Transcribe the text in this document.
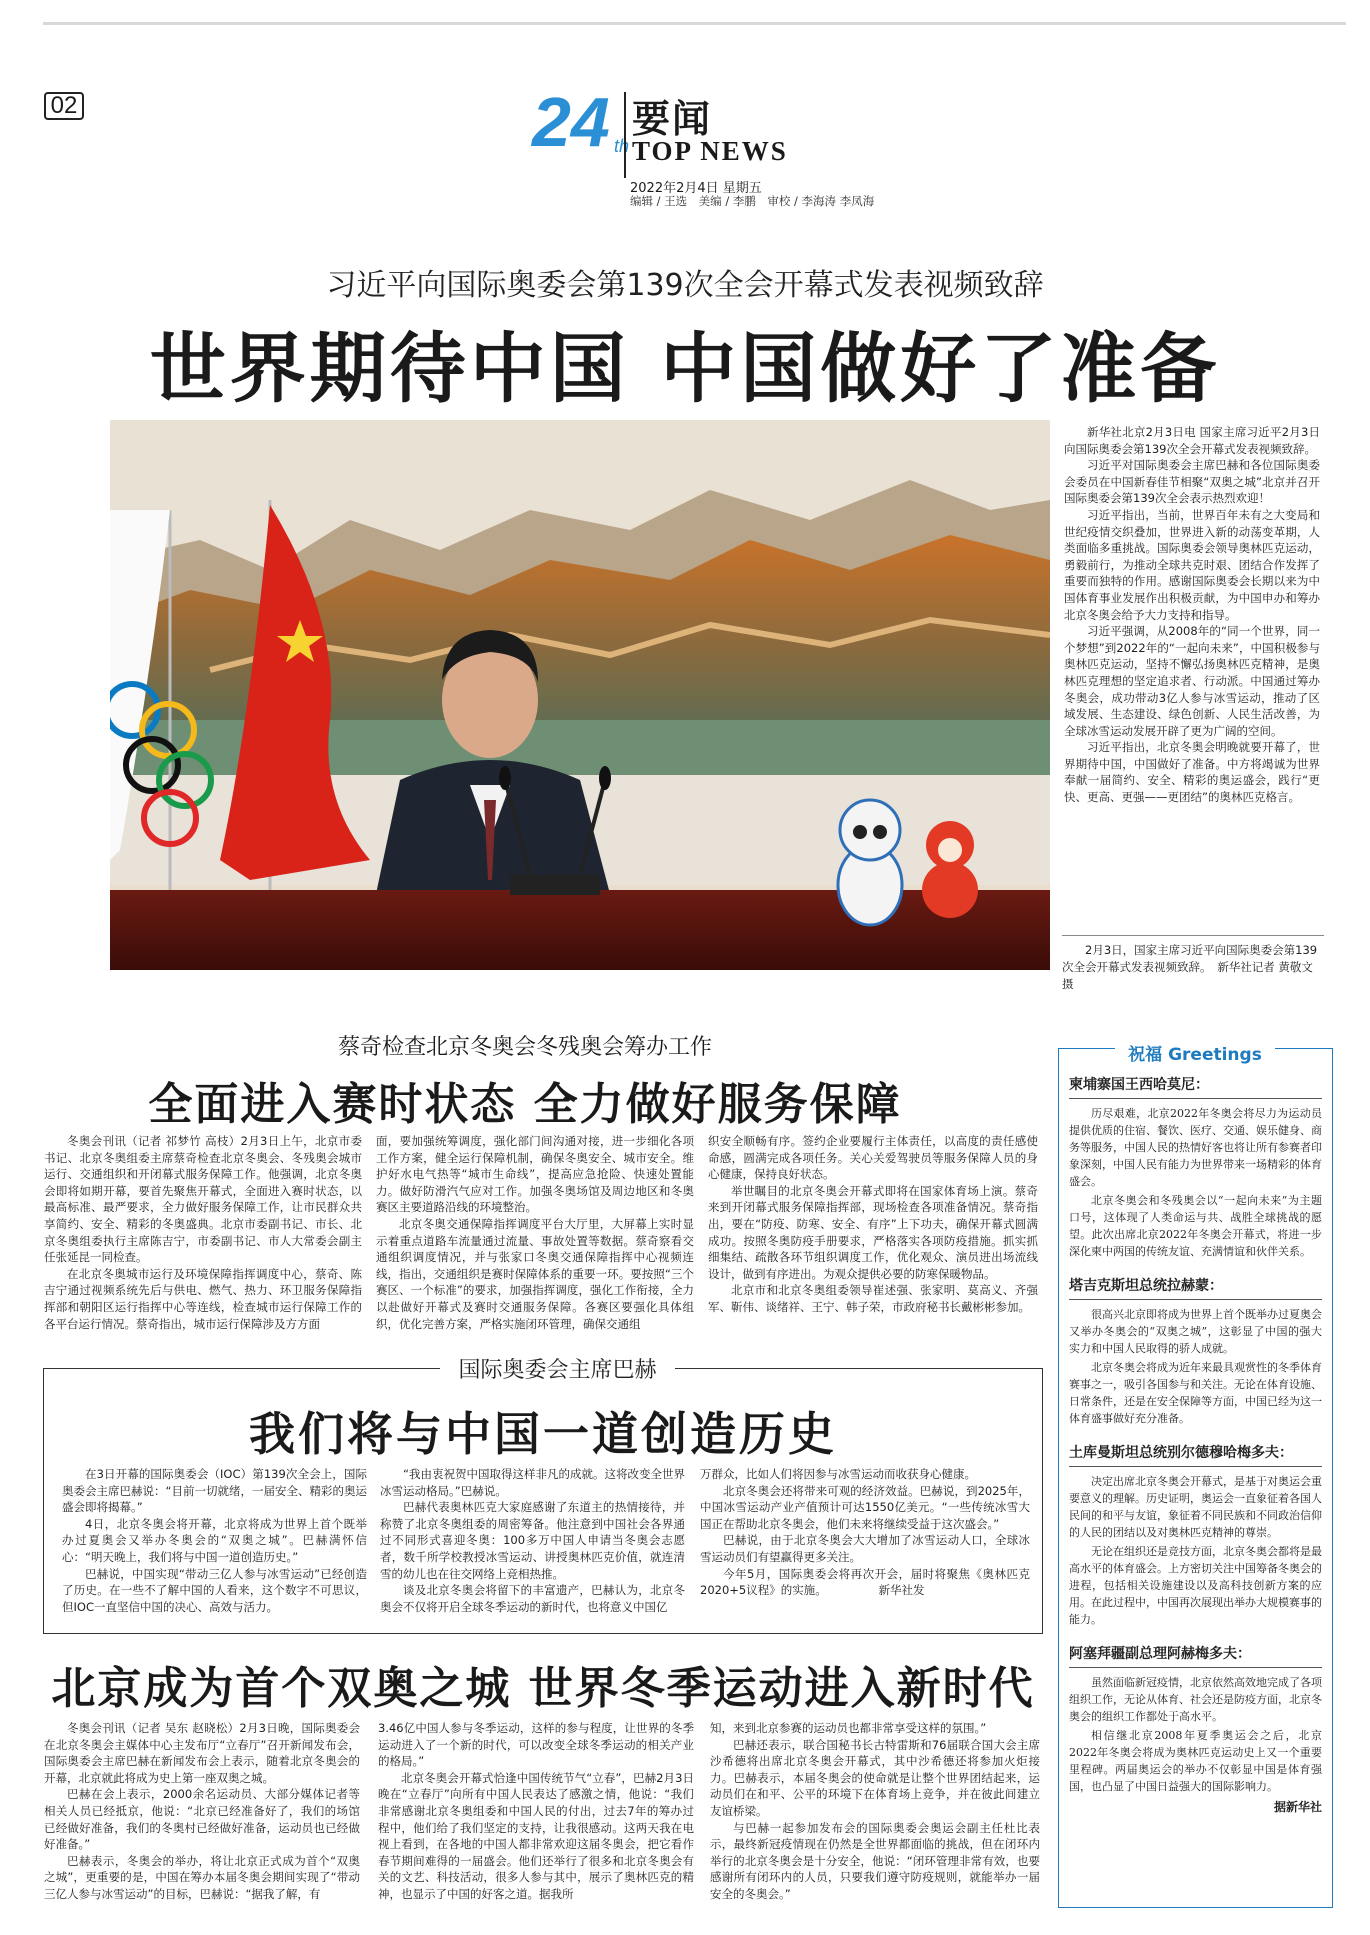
02	24 th
要闻
TOP NEWS
2022年2月4日 星期五
编辑 / 王选　美编 / 李鹏　审校 / 李海涛 李凤海
习近平向国际奥委会第139次全会开幕式发表视频致辞
世界期待中国 中国做好了准备

新华社北京2月3日电 国家主席习近平2月3日向国际奥委会第139次全会开幕式发表视频致辞。

习近平对国际奥委会主席巴赫和各位国际奥委会委员在中国新春佳节相聚“双奥之城”北京并召开国际奥委会第139次全会表示热烈欢迎！

习近平指出，当前，世界百年未有之大变局和世纪疫情交织叠加，世界进入新的动荡变革期，人类面临多重挑战。国际奥委会领导奥林匹克运动，勇毅前行，为推动全球共克时艰、团结合作发挥了重要而独特的作用。感谢国际奥委会长期以来为中国体育事业发展作出积极贡献，为中国申办和筹办北京冬奥会给予大力支持和指导。

习近平强调，从2008年的“同一个世界，同一个梦想”到2022年的“一起向未来”，中国积极参与奥林匹克运动，坚持不懈弘扬奥林匹克精神，是奥林匹克理想的坚定追求者、行动派。中国通过筹办冬奥会，成功带动3亿人参与冰雪运动，推动了区域发展、生态建设、绿色创新、人民生活改善，为全球冰雪运动发展开辟了更为广阔的空间。

习近平指出，北京冬奥会明晚就要开幕了，世界期待中国，中国做好了准备。中方将竭诚为世界奉献一届简约、安全、精彩的奥运盛会，践行“更快、更高、更强——更团结”的奥林匹克格言。

2月3日，国家主席习近平向国际奥委会第139次全会开幕式发表视频致辞。　新华社记者 黄敬文 摄
蔡奇检查北京冬奥会冬残奥会筹办工作
全面进入赛时状态 全力做好服务保障

冬奥会刊讯（记者 祁梦竹 高枝）2月3日上午，北京市委书记、北京冬奥组委主席蔡奇检查北京冬奥会、冬残奥会城市运行、交通组织和开闭幕式服务保障工作。他强调，北京冬奥会即将如期开幕，要首先聚焦开幕式，全面进入赛时状态，以最高标准、最严要求，全力做好服务保障工作，让市民群众共享简约、安全、精彩的冬奥盛典。北京市委副书记、市长、北京冬奥组委执行主席陈吉宁，市委副书记、市人大常委会副主任张延昆一同检查。

在北京冬奥城市运行及环境保障指挥调度中心，蔡奇、陈吉宁通过视频系统先后与供电、燃气、热力、环卫服务保障指挥部和朝阳区运行指挥中心等连线，检查城市运行保障工作的各平台运行情况。蔡奇指出，城市运行保障涉及方方面

面，要加强统筹调度，强化部门间沟通对接，进一步细化各项工作方案，健全运行保障机制，确保冬奥安全、城市安全。维护好水电气热等“城市生命线”，提高应急抢险、快速处置能力。做好防滑汽气应对工作。加强冬奥场馆及周边地区和冬奥赛区主要道路沿线的环境整治。

北京冬奥交通保障指挥调度平台大厅里，大屏幕上实时显示着重点道路车流量通过流量、事故处置等数据。蔡奇察看交通组织调度情况，并与张家口冬奥交通保障指挥中心视频连线，指出，交通组织是赛时保障体系的重要一环。要按照“三个赛区、一个标准”的要求，加强指挥调度，强化工作衔接，全力以赴做好开幕式及赛时交通服务保障。各赛区要强化具体组织，优化完善方案，严格实施闭环管理，确保交通组

织安全顺畅有序。签约企业要履行主体责任，以高度的责任感使命感，圆满完成各项任务。关心关爱驾驶员等服务保障人员的身心健康，保持良好状态。

举世瞩目的北京冬奥会开幕式即将在国家体育场上演。蔡奇来到开闭幕式服务保障指挥部，现场检查各项准备情况。蔡奇指出，要在“防疫、防寒、安全、有序”上下功夫，确保开幕式圆满成功。按照冬奥防疫手册要求，严格落实各项防疫措施。抓实抓细集结、疏散各环节组织调度工作，优化观众、演员进出场流线设计，做到有序进出。为观众提供必要的防寒保暖物品。

北京市和北京冬奥组委领导崔述强、张家明、莫高义、齐强军、靳伟、谈绪祥、王宁、韩子荣，市政府秘书长戴彬彬参加。

国际奥委会主席巴赫
我们将与中国一道创造历史

在3日开幕的国际奥委会（IOC）第139次全会上，国际奥委会主席巴赫说：“目前一切就绪，一届安全、精彩的奥运盛会即将揭幕。”

4日，北京冬奥会将开幕，北京将成为世界上首个既举办过夏奥会又举办冬奥会的“双奥之城”。巴赫满怀信心：“明天晚上，我们将与中国一道创造历史。”

巴赫说，中国实现“带动三亿人参与冰雪运动”已经创造了历史。在一些不了解中国的人看来，这个数字不可思议，但IOC一直坚信中国的决心、高效与活力。

“我由衷祝贺中国取得这样非凡的成就。这将改变全世界冰雪运动格局。”巴赫说。

巴赫代表奥林匹克大家庭感谢了东道主的热情接待，并称赞了北京冬奥组委的周密筹备。他注意到中国社会各界通过不同形式喜迎冬奥：100多万中国人申请当冬奥会志愿者，数千所学校教授冰雪运动、讲授奥林匹克价值，就连清雪的幼儿也在往交网络上竞相热推。

谈及北京冬奥会将留下的丰富遗产，巴赫认为，北京冬奥会不仅将开启全球冬季运动的新时代，也将意义中国亿

万群众，比如人们将因参与冰雪运动而收获身心健康。

北京冬奥会还将带来可观的经济效益。巴赫说，到2025年，中国冰雪运动产业产值预计可达1550亿美元。“一些传统冰雪大国正在帮助北京冬奥会，他们未来将继续受益于这次盛会。”

巴赫说，由于北京冬奥会大大增加了冰雪运动人口，全球冰雪运动员们有望赢得更多关注。

今年5月，国际奥委会将再次开会，届时将聚焦《奥林匹克2020+5议程》的实施。　　　　　新华社发

北京成为首个双奥之城 世界冬季运动进入新时代

冬奥会刊讯（记者 吴东 赵晓松）2月3日晚，国际奥委会在北京冬奥会主媒体中心主发布厅“立春厅”召开新闻发布会，国际奥委会主席巴赫在新闻发布会上表示，随着北京冬奥会的开幕，北京就此将成为史上第一座双奥之城。

巴赫在会上表示，2000余名运动员、大部分媒体记者等相关人员已经抵京，他说：“北京已经准备好了，我们的场馆已经做好准备，我们的冬奥村已经做好准备，运动员也已经做好准备。”

巴赫表示，冬奥会的举办，将让北京正式成为首个“双奥之城”，更重要的是，中国在筹办本届冬奥会期间实现了“带动三亿人参与冰雪运动”的目标，巴赫说：“据我了解，有

3.46亿中国人参与冬季运动，这样的参与程度，让世界的冬季运动进入了一个新的时代，可以改变全球冬季运动的相关产业的格局。”

北京冬奥会开幕式恰逢中国传统节气“立春”，巴赫2月3日晚在“立春厅”向所有中国人民表达了感激之情，他说：“我们非常感谢北京冬奥组委和中国人民的付出，过去7年的筹办过程中，他们给了我们坚定的支持，让我很感动。这两天我在电视上看到，在各地的中国人都非常欢迎这届冬奥会，把它看作春节期间难得的一届盛会。他们还举行了很多和北京冬奥会有关的文艺、科技活动，很多人参与其中，展示了奥林匹克的精神，也显示了中国的好客之道。据我所

知，来到北京参赛的运动员也都非常享受这样的氛围。”

巴赫还表示，联合国秘书长古特雷斯和76届联合国大会主席沙希德将出席北京冬奥会开幕式，其中沙希德还将参加火炬接力。巴赫表示，本届冬奥会的使命就是让整个世界团结起来，运动员们在和平、公平的环境下在体育场上竞争，并在彼此间建立友谊桥梁。

与巴赫一起参加发布会的国际奥委会奥运会副主任杜比表示，最终新冠疫情现在仍然是全世界都面临的挑战，但在闭环内举行的北京冬奥会是十分安全，他说：“闭环管理非常有效，也要感谢所有闭环内的人员，只要我们遵守防疫规则，就能举办一届安全的冬奥会。”

柬埔寨国王西哈莫尼：

历尽艰难，北京2022年冬奥会将尽力为运动员提供优质的住宿、餐饮、医疗、交通、娱乐健身、商务等服务，中国人民的热情好客也将让所有参赛者印象深刻，中国人民有能力为世界带来一场精彩的体育盛会。

北京冬奥会和冬残奥会以“一起向未来”为主题口号，这体现了人类命运与共、战胜全球挑战的愿望。此次出席北京2022年冬奥会开幕式，将进一步深化柬中两国的传统友谊、充满情谊和伙伴关系。

塔吉克斯坦总统拉赫蒙：

很高兴北京即将成为世界上首个既举办过夏奥会又举办冬奥会的“双奥之城”，这彰显了中国的强大实力和中国人民取得的骄人成就。

北京冬奥会将成为近年来最具观赏性的冬季体育赛事之一，吸引各国参与和关注。无论在体育设施、日常条件，还是在安全保障等方面，中国已经为这一体育盛事做好充分准备。

土库曼斯坦总统别尔德穆哈梅多夫：

决定出席北京冬奥会开幕式，是基于对奥运会重要意义的理解。历史证明，奥运会一直象征着各国人民间的和平与友谊，象征着不同民族和不同政治信仰的人民的团结以及对奥林匹克精神的尊崇。

无论在组织还是竞技方面，北京冬奥会都将是最高水平的体育盛会。上方密切关注中国筹备冬奥会的进程，包括相关设施建设以及高科技创新方案的应用。在此过程中，中国再次展现出举办大规模赛事的能力。

阿塞拜疆副总理阿赫梅多夫：

虽然面临新冠疫情，北京依然高效地完成了各项组织工作，无论从体育、社会还是防疫方面，北京冬奥会的组织工作都处于高水平。

相信继北京2008年夏季奥运会之后，北京2022年冬奥会将成为奥林匹克运动史上又一个重要里程碑。两届奥运会的举办不仅彰显中国是体育强国，也凸显了中国日益强大的国际影响力。

据新华社
祝福 Greetings
